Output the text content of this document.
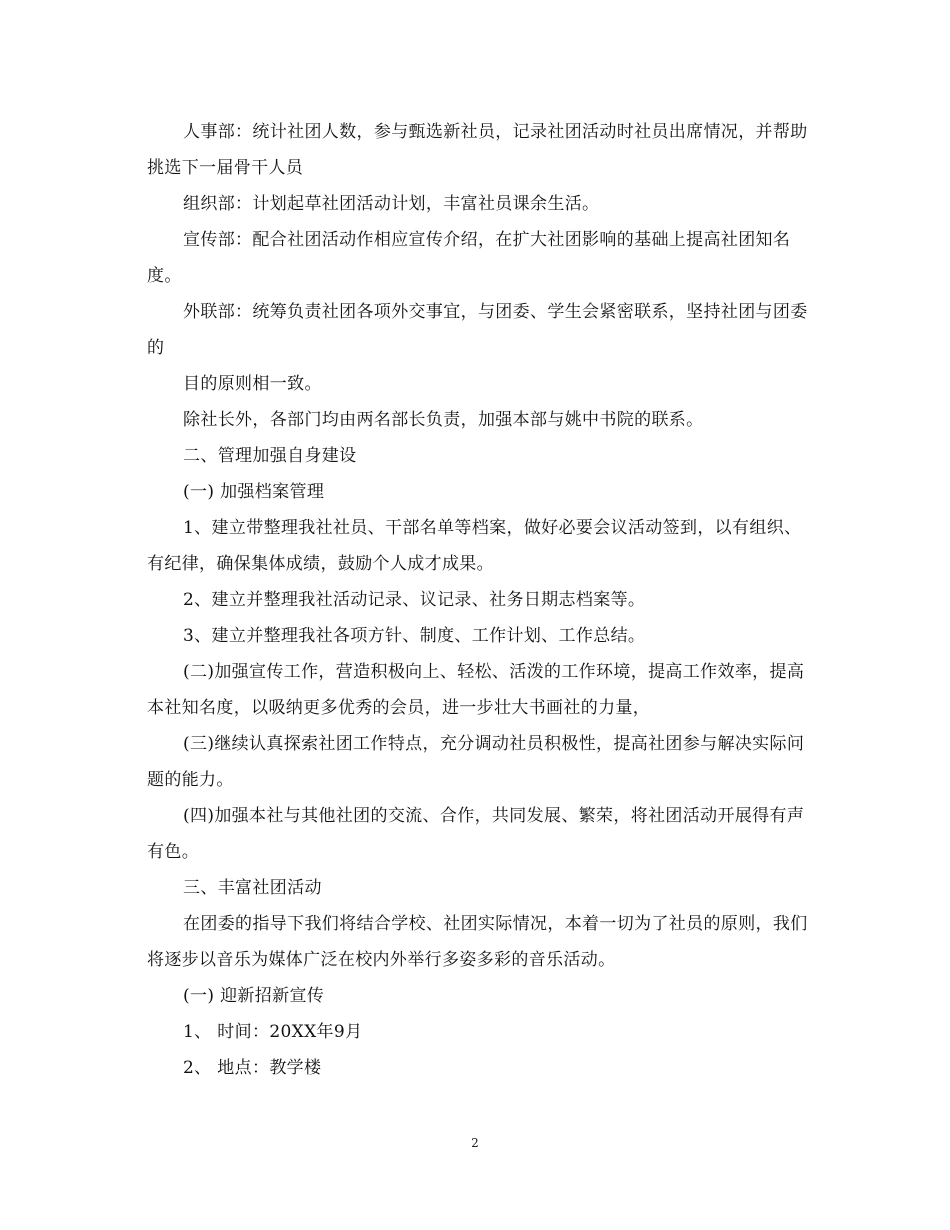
人事部：统计社团人数，参与甄选新社员，记录社团活动时社员出席情况，并帮助挑选下一届骨干人员

组织部：计划起草社团活动计划，丰富社员课余生活。

宣传部：配合社团活动作相应宣传介绍，在扩大社团影响的基础上提高社团知名度。

外联部：统筹负责社团各项外交事宜，与团委、学生会紧密联系，坚持社团与团委的

目的原则相一致。

除社长外，各部门均由两名部长负责，加强本部与姚中书院的联系。

二、管理加强自身建设

(一) 加强档案管理

1、建立带整理我社社员、干部名单等档案，做好必要会议活动签到，以有组织、有纪律，确保集体成绩，鼓励个人成才成果。

2、建立并整理我社活动记录、议记录、社务日期志档案等。

3、建立并整理我社各项方针、制度、工作计划、工作总结。

(二)加强宣传工作，营造积极向上、轻松、活泼的工作环境，提高工作效率，提高本社知名度，以吸纳更多优秀的会员，进一步壮大书画社的力量，

(三)继续认真探索社团工作特点，充分调动社员积极性，提高社团参与解决实际问题的能力。

(四)加强本社与其他社团的交流、合作，共同发展、繁荣，将社团活动开展得有声有色。

三、丰富社团活动

在团委的指导下我们将结合学校、社团实际情况，本着一切为了社员的原则，我们将逐步以音乐为媒体广泛在校内外举行多姿多彩的音乐活动。

(一) 迎新招新宣传

1、 时间：20XX年9月

2、 地点：教学楼

2
